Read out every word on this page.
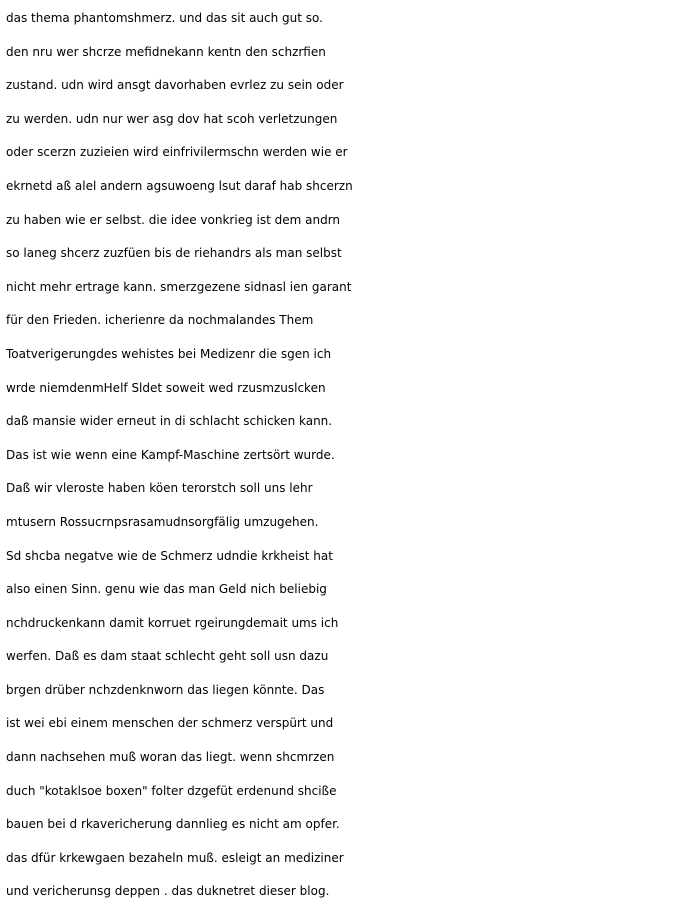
das thema phantomshmerz. und das sit auch gut so.
den nru wer shcrze mefidnekann kentn den schzrfien
zustand. udn wird ansgt davorhaben evrlez zu sein oder
zu werden. udn nur wer asg dov hat scoh verletzungen
oder scerzn zuzieien wird einfrivilermschn werden wie er
ekrnetd aß alel andern agsuwoeng lsut daraf hab shcerzn
zu haben wie er selbst. die idee vonkrieg ist dem andrn
so laneg shcerz zuzfüen bis de riehandrs als man selbst
nicht mehr ertrage kann. smerzgezene sidnasl ien garant
für den Frieden. icherienre da nochmalandes Them
Toatverigerungdes wehistes bei Medizenr die sgen ich
wrde niemdenmHelf Sldet soweit wed rzusmzuslcken
daß mansie wider erneut in di schlacht schicken kann.
Das ist wie wenn eine Kampf-Maschine zertsört wurde.
Daß wir vleroste haben köen terorstch soll uns lehr
mtusern Rossucrnpsrasamudnsorgfälig umzugehen.
Sd shcba negatve wie de Schmerz udndie krkheist hat
also einen Sinn. genu wie das man Geld nich beliebig
nchdruckenkann damit korruet rgeirungdemait ums ich
werfen. Daß es dam staat schlecht geht soll usn dazu
brgen drüber nchzdenknworn das liegen könnte. Das
ist wei ebi einem menschen der schmerz verspürt und
dann nachsehen muß woran das liegt. wenn shcmrzen
duch "kotaklsoe boxen" folter dzgefüt erdenund shciße
bauen bei d rkavericherung dannlieg es nicht am opfer.
das dfür krkewgaen bezaheln muß. esleigt an mediziner
und vericherunsg deppen . das duknetret dieser blog.
